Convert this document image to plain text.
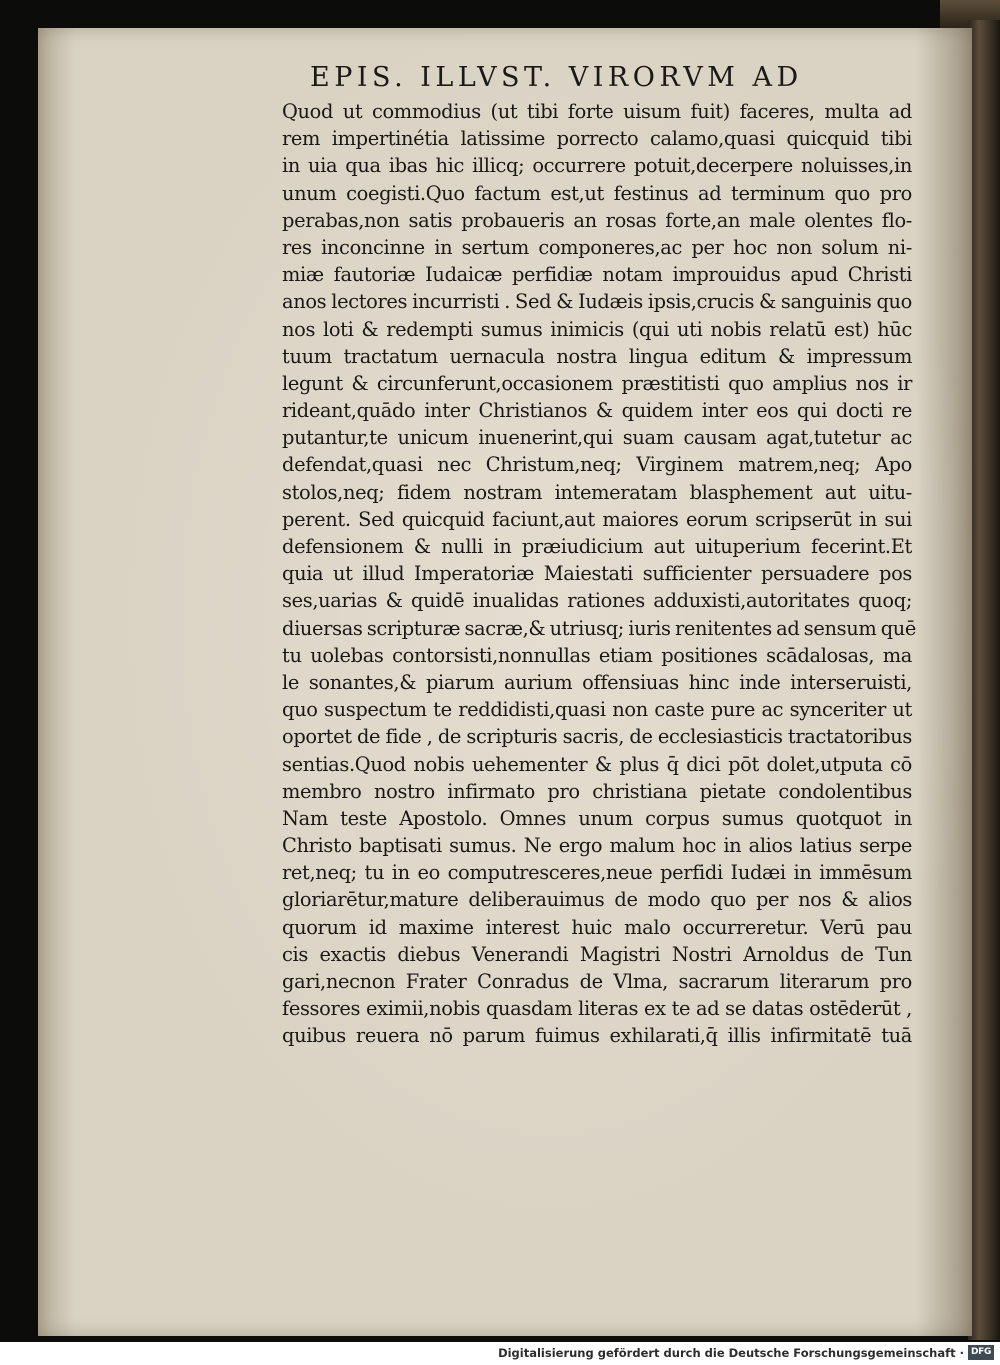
EPIS. ILLVST. VIRORVM AD
Quod ut commodius (ut tibi forte uisum fuit) faceres, multa ad
rem impertinétia latissime porrecto calamo,quasi quicquid tibi
in uia qua ibas hic illicq; occurrere potuit,decerpere noluisses,in
unum coegisti.Quo factum est,ut festinus ad terminum quo pro
perabas,non satis probaueris an rosas forte,an male olentes flo-
res inconcinne in sertum componeres,ac per hoc non solum ni-
miæ fautoriæ Iudaicæ perfidiæ notam improuidus apud Christi
anos lectores incurristi . Sed & Iudæis ipsis,crucis & sanguinis quo
nos loti & redempti sumus inimicis (qui uti nobis relatū est) hūc
tuum tractatum uernacula nostra lingua editum & impressum
legunt & circunferunt,occasionem præstitisti quo amplius nos ir
rideant,quādo inter Christianos & quidem inter eos qui docti re
putantur,te unicum inuenerint,qui suam causam agat,tutetur ac
defendat,quasi nec Christum,neq; Virginem matrem,neq; Apo
stolos,neq; fidem nostram intemeratam blasphement aut uitu-
perent. Sed quicquid faciunt,aut maiores eorum scripserūt in sui
defensionem & nulli in præiudicium aut uituperium fecerint.Et
quia ut illud Imperatoriæ Maiestati sufficienter persuadere pos
ses,uarias & quidē inualidas rationes adduxisti,autoritates quoq;
diuersas scripturæ sacræ,& utriusq; iuris renitentes ad sensum quē
tu uolebas contorsisti,nonnullas etiam positiones scādalosas, ma
le sonantes,& piarum aurium offensiuas hinc inde interseruisti,
quo suspectum te reddidisti,quasi non caste pure ac synceriter ut
oportet de fide , de scripturis sacris, de ecclesiasticis tractatoribus
sentias.Quod nobis uehementer & plus q̄ dici pōt dolet,utputa cō
membro nostro infirmato pro christiana pietate condolentibus
Nam teste Apostolo. Omnes unum corpus sumus quotquot in
Christo baptisati sumus. Ne ergo malum hoc in alios latius serpe
ret,neq; tu in eo computresceres,neue perfidi Iudæi in immēsum
gloriarētur,mature deliberauimus de modo quo per nos & alios
quorum id maxime interest huic malo occurreretur. Verū pau
cis exactis diebus Venerandi Magistri Nostri Arnoldus de Tun
gari,necnon Frater Conradus de Vlma, sacrarum literarum pro
fessores eximii,nobis quasdam literas ex te ad se datas ostēderūt ,
quibus reuera nō parum fuimus exhilarati,q̄ illis infirmitatē tuā
Digitalisierung gefördert durch die Deutsche Forschungsgemeinschaft · DFG
